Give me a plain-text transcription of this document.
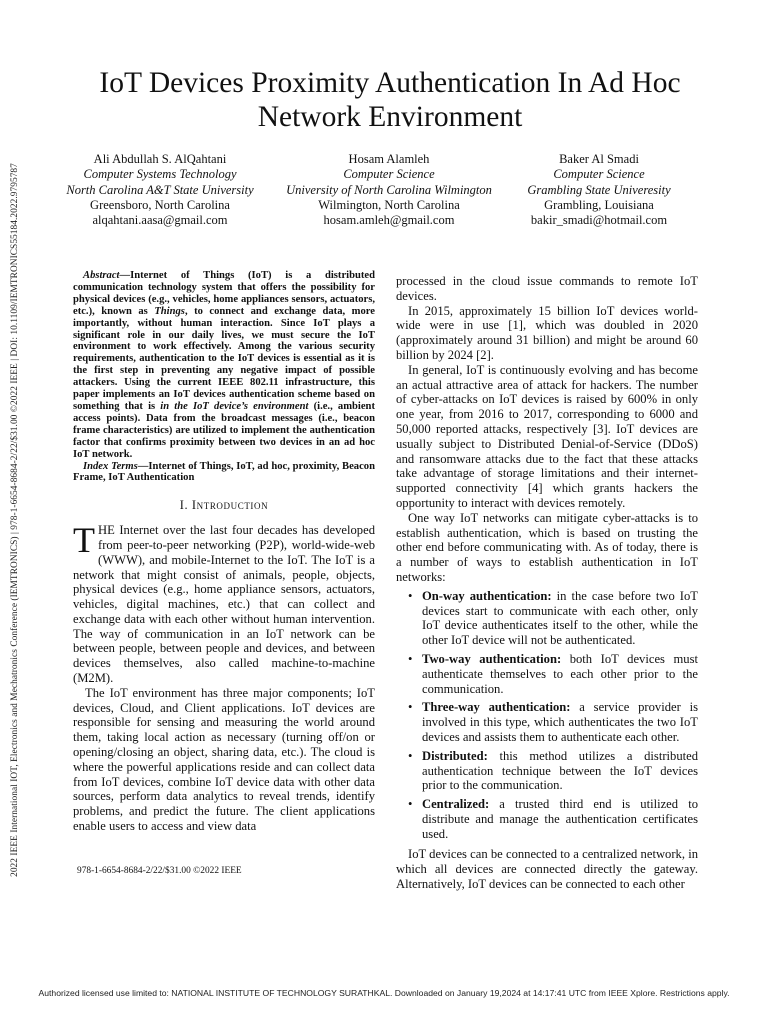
2022 IEEE International IOT, Electronics and Mechatronics Conference (IEMTRONICS) | 978-1-6654-8684-2/22/$31.00 ©2022 IEEE | DOI: 10.1109/IEMTRONICS55184.2022.9795787
IoT Devices Proximity Authentication In Ad Hoc Network Environment
Ali Abdullah S. AlQahtani
Computer Systems Technology
North Carolina A&T State University
Greensboro, North Carolina
alqahtani.aasa@gmail.com
Hosam Alamleh
Computer Science
University of North Carolina Wilmington
Wilmington, North Carolina
hosam.amleh@gmail.com
Baker Al Smadi
Computer Science
Grambling State Univeresity
Grambling, Louisiana
bakir_smadi@hotmail.com

Abstract—Internet of Things (IoT) is a distributed communication technology system that offers the possibility for physical devices (e.g., vehicles, home appliances sensors, actuators, etc.), known as Things, to connect and exchange data, more importantly, without human interaction. Since IoT plays a significant role in our daily lives, we must secure the IoT environment to work effectively. Among the various security requirements, authentication to the IoT devices is essential as it is the first step in preventing any negative impact of possible attackers. Using the current IEEE 802.11 infrastructure, this paper implements an IoT devices authentication scheme based on something that is in the IoT device’s environment (i.e., ambient access points). Data from the broadcast messages (i.e., beacon frame characteristics) are utilized to implement the authentication factor that confirms proximity between two devices in an ad hoc IoT network.

Index Terms—Internet of Things, IoT, ad hoc, proximity, Beacon Frame, IoT Authentication

I. Introduction

THE Internet over the last four decades has developed from peer-to-peer networking (P2P), world-wide-web (WWW), and mobile-Internet to the IoT. The IoT is a network that might consist of animals, people, objects, physical devices (e.g., home appliance sensors, actuators, vehicles, digital machines, etc.) that can collect and exchange data with each other without human intervention. The way of communication in an IoT network can be between people, between people and devices, and between devices themselves, also called machine-to-machine (M2M).

The IoT environment has three major components; IoT devices, Cloud, and Client applications. IoT devices are responsible for sensing and measuring the world around them, taking local action as necessary (turning off/on or opening/closing an object, sharing data, etc.). The cloud is where the powerful applications reside and can collect data from IoT devices, combine IoT device data with other data sources, perform data analytics to reveal trends, identify problems, and predict the future. The client applications enable users to access and view data

processed in the cloud issue commands to remote IoT devices.

In 2015, approximately 15 billion IoT devices world-wide were in use [1], which was doubled in 2020 (approximately around 31 billion) and might be around 60 billion by 2024 [2].

In general, IoT is continuously evolving and has become an actual attractive area of attack for hackers. The number of cyber-attacks on IoT devices is raised by 600% in only one year, from 2016 to 2017, corresponding to 6000 and 50,000 reported attacks, respectively [3]. IoT devices are usually subject to Distributed Denial-of-Service (DDoS) and ransomware attacks due to the fact that these attacks take advantage of storage limitations and their internet-supported connectivity [4] which grants hackers the opportunity to interact with devices remotely.

One way IoT networks can mitigate cyber-attacks is to establish authentication, which is based on trusting the other end before communicating with. As of today, there is a number of ways to establish authentication in IoT networks:

• On-way authentication: in the case before two IoT devices start to communicate with each other, only IoT device authenticates itself to the other, while the other IoT device will not be authenticated.
• Two-way authentication: both IoT devices must authenticate themselves to each other prior to the communication.
• Three-way authentication: a service provider is involved in this type, which authenticates the two IoT devices and assists them to authenticate each other.
• Distributed: this method utilizes a distributed authentication technique between the IoT devices prior to the communication.
• Centralized: a trusted third end is utilized to distribute and manage the authentication certificates used.

IoT devices can be connected to a centralized network, in which all devices are connected directly the gateway. Alternatively, IoT devices can be connected to each other

978-1-6654-8684-2/22/$31.00 ©2022 IEEE
Authorized licensed use limited to: NATIONAL INSTITUTE OF TECHNOLOGY SURATHKAL. Downloaded on January 19,2024 at 14:17:41 UTC from IEEE Xplore. Restrictions apply.
